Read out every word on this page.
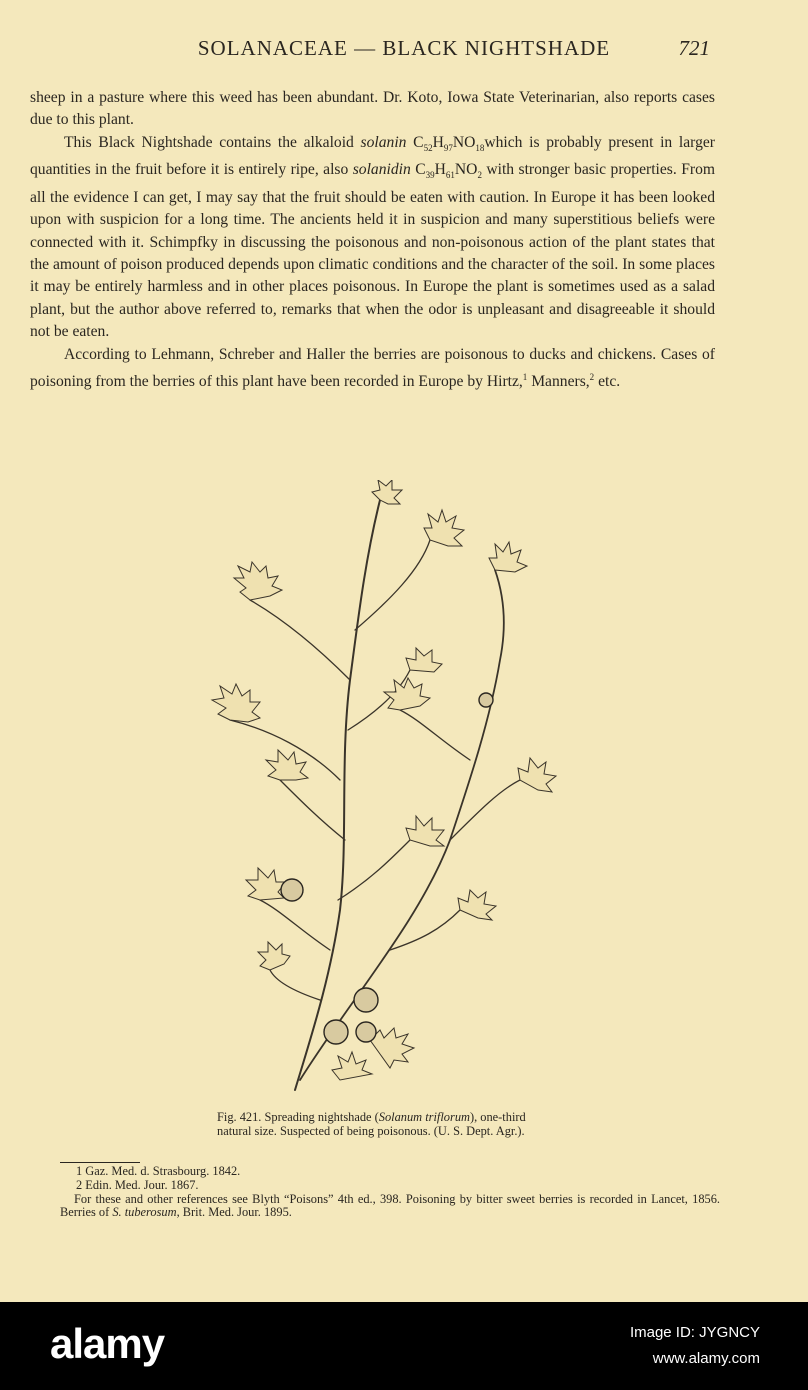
SOLANACEAE — BLACK NIGHTSHADE	721

sheep in a pasture where this weed has been abundant. Dr. Koto, Iowa State Veterinarian, also reports cases due to this plant.

This Black Nightshade contains the alkaloid solanin $C_{52}H_{97}NO_{18}which$ is probably present in larger quantities in the fruit before it is entirely ripe, also solanidin $C_{39}H_{61}NO_2$ with stronger basic properties. From all the evidence I can get, I may say that the fruit should be eaten with caution. In Europe it has been looked upon with suspicion for a long time. The ancients held it in suspicion and many superstitious beliefs were connected with it. Schimpfky in discussing the poisonous and non-poisonous action of the plant states that the amount of poison produced depends upon climatic conditions and the character of the soil. In some places it may be entirely harmless and in other places poisonous. In Europe the plant is sometimes used as a salad plant, but the author above referred to, remarks that when the odor is unpleasant and disagreeable it should not be eaten.

According to Lehmann, Schreber and Haller the berries are poisonous to ducks and chickens. Cases of poisoning from the berries of this plant have been recorded in Europe by Hirtz,$^1$ Manners,$^2$ etc.

Fig. 421. Spreading nightshade (Solanum triflorum), one-third natural size. Suspected of being poisonous. (U. S. Dept. Agr.).
1 Gaz. Med. d. Strasbourg. 1842.
2 Edin. Med. Jour. 1867.
For these and other references see Blyth “Poisons” 4th ed., 398. Poisoning by bitter sweet berries is recorded in Lancet, 1856. Berries of S. tuberosum, Brit. Med. Jour. 1895.
alamy	Image ID: JYGNCY
www.alamy.com
